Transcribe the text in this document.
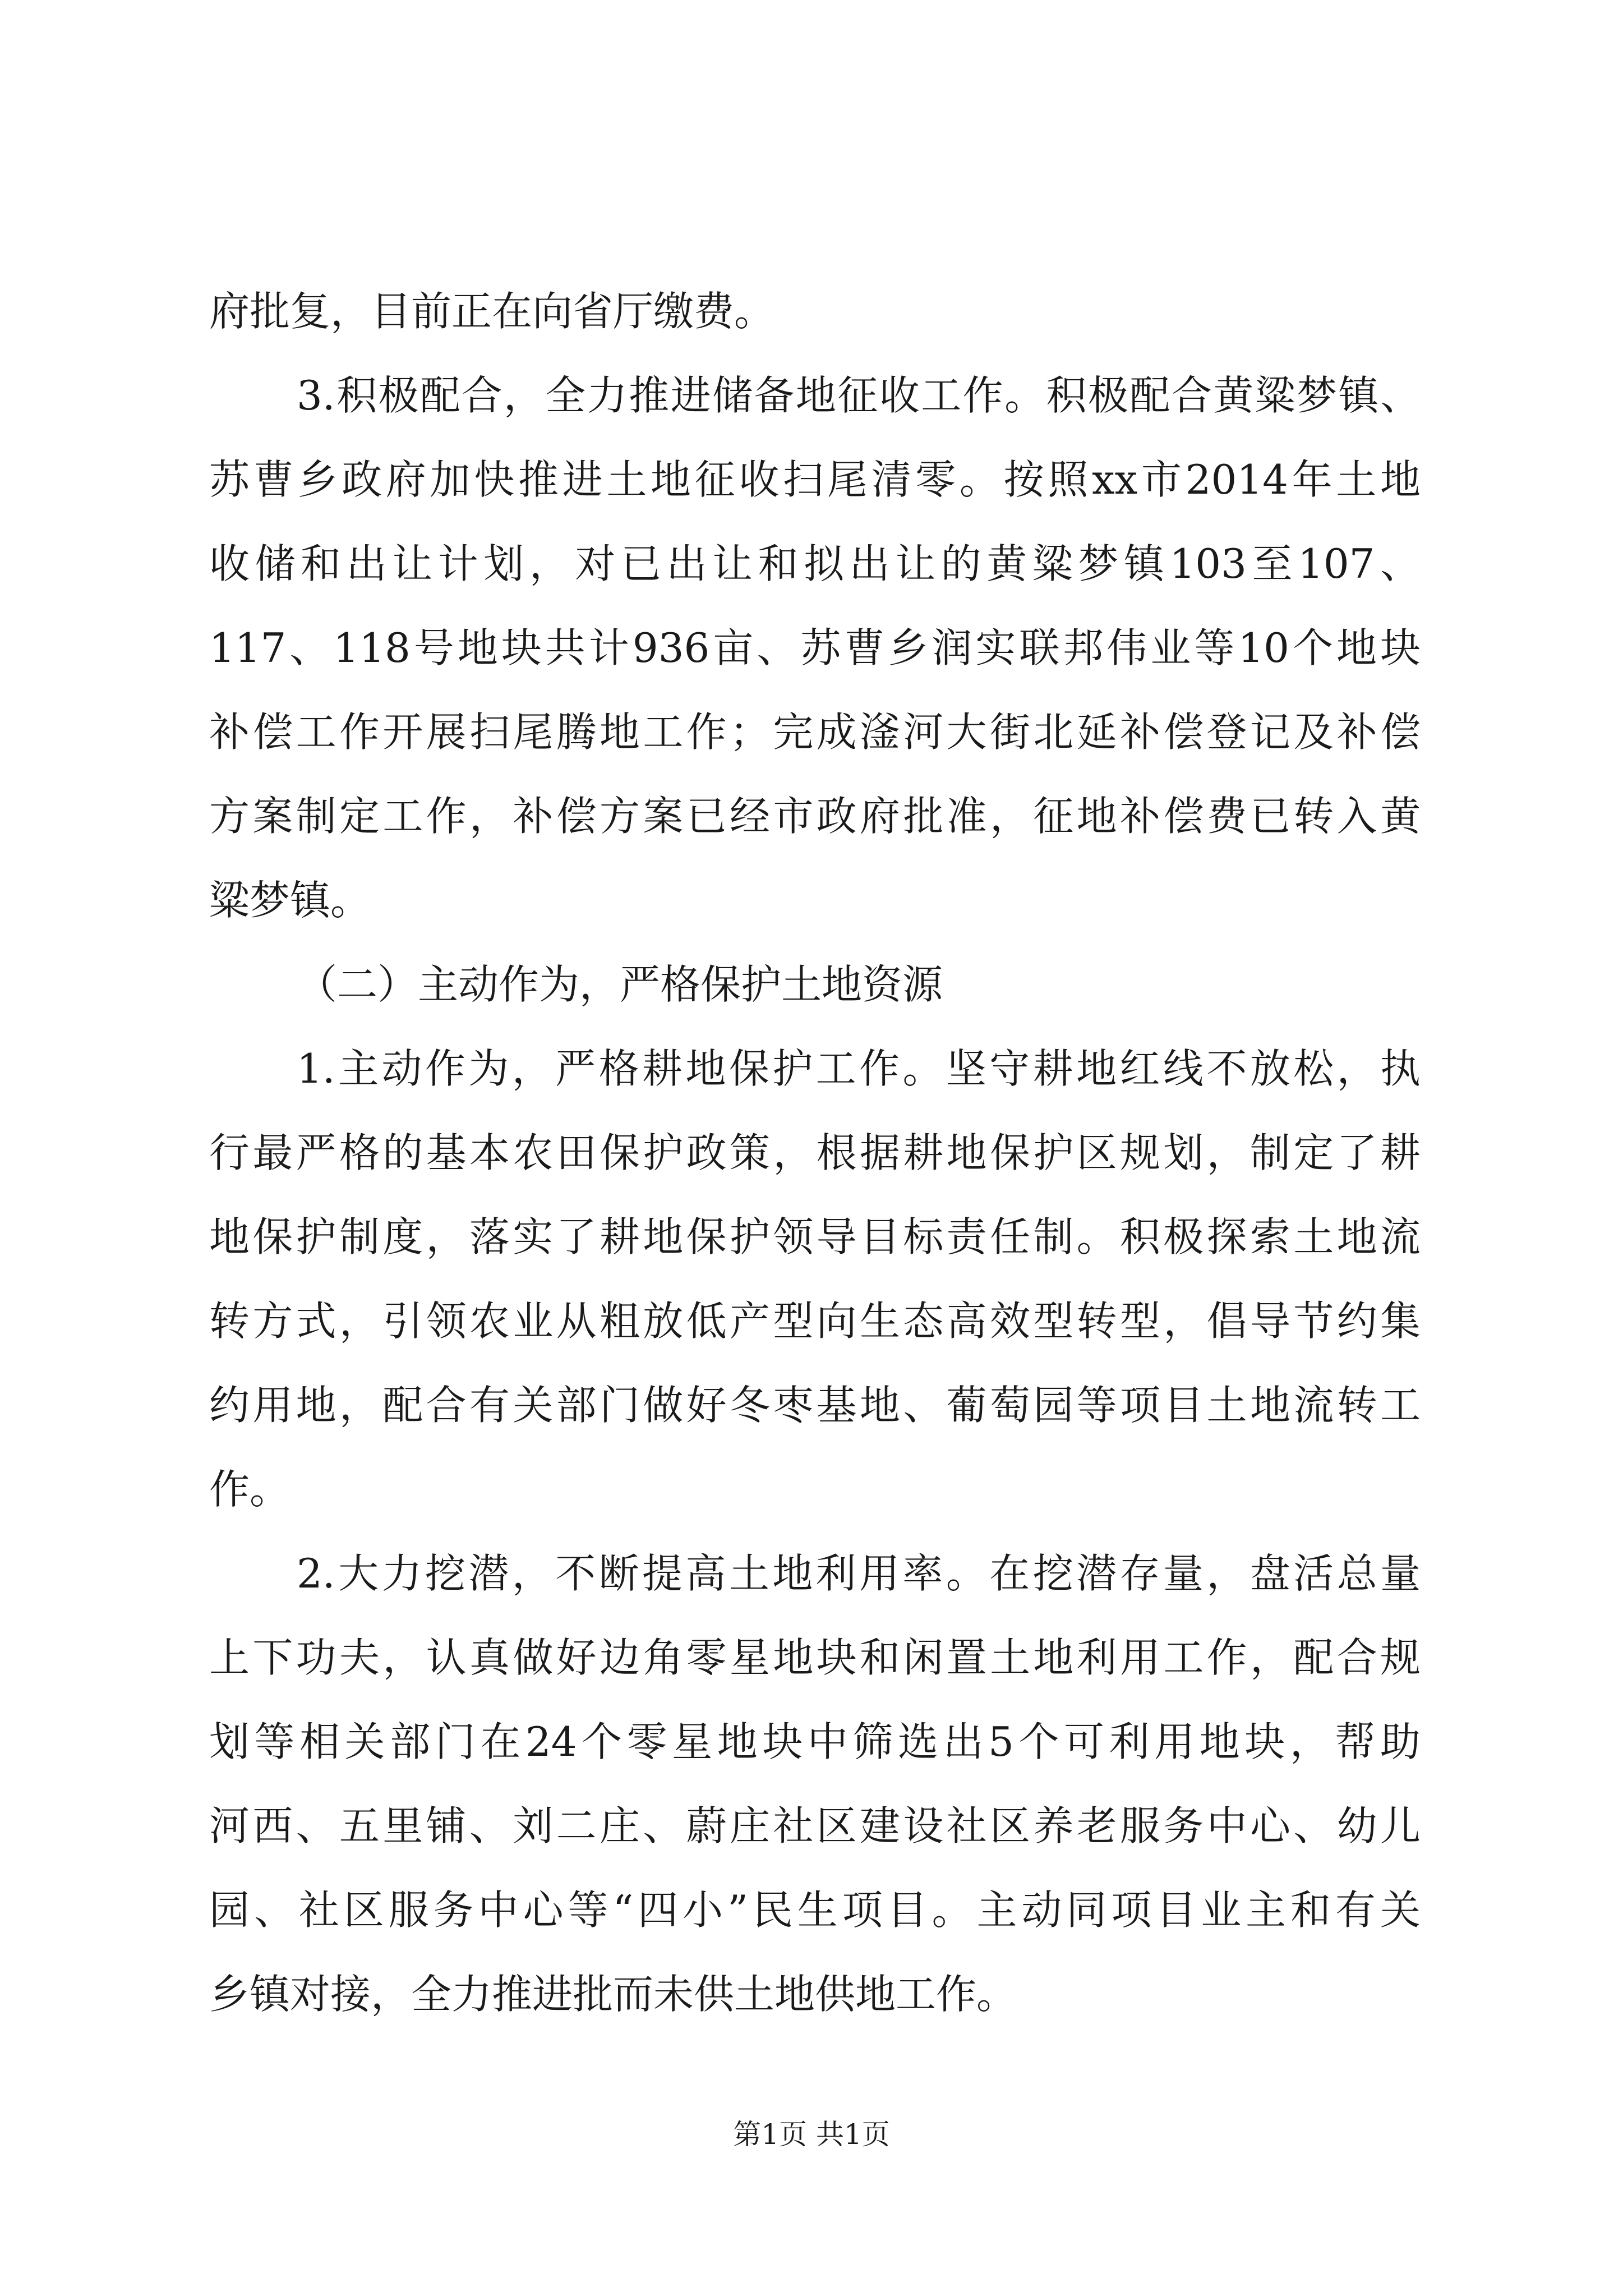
府批复，目前正在向省厅缴费。
3.积极配合，全力推进储备地征收工作。积极配合黄粱梦镇、
苏曹乡政府加快推进土地征收扫尾清零。按照xx市2014年土地
收储和出让计划，对已出让和拟出让的黄粱梦镇103至107、
117、118号地块共计936亩、苏曹乡润实联邦伟业等10个地块
补偿工作开展扫尾腾地工作；完成滏河大街北延补偿登记及补偿
方案制定工作，补偿方案已经市政府批准，征地补偿费已转入黄
粱梦镇。
（二）主动作为，严格保护土地资源
1.主动作为，严格耕地保护工作。坚守耕地红线不放松，执
行最严格的基本农田保护政策，根据耕地保护区规划，制定了耕
地保护制度，落实了耕地保护领导目标责任制。积极探索土地流
转方式，引领农业从粗放低产型向生态高效型转型，倡导节约集
约用地，配合有关部门做好冬枣基地、葡萄园等项目土地流转工
作。
2.大力挖潜，不断提高土地利用率。在挖潜存量，盘活总量
上下功夫，认真做好边角零星地块和闲置土地利用工作，配合规
划等相关部门在24个零星地块中筛选出5个可利用地块，帮助
河西、五里铺、刘二庄、蔚庄社区建设社区养老服务中心、幼儿
园、社区服务中心等“四小”民生项目。主动同项目业主和有关
乡镇对接，全力推进批而未供土地供地工作。
第1页 共1页
